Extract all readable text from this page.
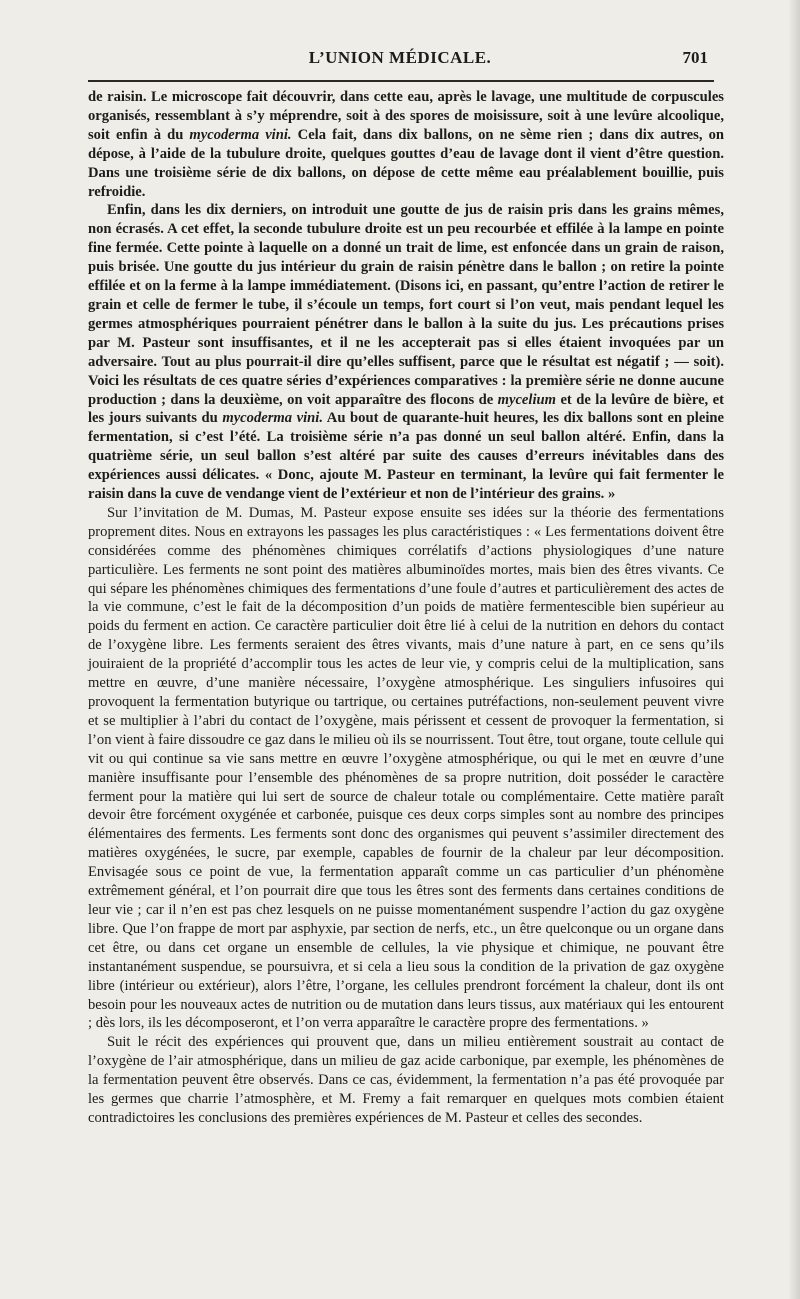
L’UNION MÉDICALE.	701

de raisin. Le microscope fait découvrir, dans cette eau, après le lavage, une multitude de corpuscules organisés, ressemblant à s’y méprendre, soit à des spores de moisissure, soit à une levûre alcoolique, soit enfin à du mycoderma vini. Cela fait, dans dix ballons, on ne sème rien ; dans dix autres, on dépose, à l’aide de la tubulure droite, quelques gouttes d’eau de lavage dont il vient d’être question. Dans une troisième série de dix ballons, on dépose de cette même eau préalablement bouillie, puis refroidie.

Enfin, dans les dix derniers, on introduit une goutte de jus de raisin pris dans les grains mêmes, non écrasés. A cet effet, la seconde tubulure droite est un peu recourbée et effilée à la lampe en pointe fine fermée. Cette pointe à laquelle on a donné un trait de lime, est enfoncée dans un grain de raison, puis brisée. Une goutte du jus intérieur du grain de raisin pénètre dans le ballon ; on retire la pointe effilée et on la ferme à la lampe immédiatement. (Disons ici, en passant, qu’entre l’action de retirer le grain et celle de fermer le tube, il s’écoule un temps, fort court si l’on veut, mais pendant lequel les germes atmosphériques pourraient pénétrer dans le ballon à la suite du jus. Les précautions prises par M. Pasteur sont insuffisantes, et il ne les accepterait pas si elles étaient invoquées par un adversaire. Tout au plus pourrait-il dire qu’elles suffisent, parce que le résultat est négatif ; — soit). Voici les résultats de ces quatre séries d’expériences comparatives : la première série ne donne aucune production ; dans la deuxième, on voit apparaître des flocons de mycelium et de la levûre de bière, et les jours suivants du mycoderma vini. Au bout de quarante-huit heures, les dix ballons sont en pleine fermentation, si c’est l’été. La troisième série n’a pas donné un seul ballon altéré. Enfin, dans la quatrième série, un seul ballon s’est altéré par suite des causes d’erreurs inévitables dans des expériences aussi délicates. « Donc, ajoute M. Pasteur en terminant, la levûre qui fait fermenter le raisin dans la cuve de vendange vient de l’extérieur et non de l’intérieur des grains. »

Sur l’invitation de M. Dumas, M. Pasteur expose ensuite ses idées sur la théorie des fermentations proprement dites. Nous en extrayons les passages les plus caractéristiques : « Les fermentations doivent être considérées comme des phénomènes chimiques corrélatifs d’actions physiologiques d’une nature particulière. Les ferments ne sont point des matières albuminoïdes mortes, mais bien des êtres vivants. Ce qui sépare les phénomènes chimiques des fermentations d’une foule d’autres et particulièrement des actes de la vie commune, c’est le fait de la décomposition d’un poids de matière fermentescible bien supérieur au poids du ferment en action. Ce caractère particulier doit être lié à celui de la nutrition en dehors du contact de l’oxygène libre. Les ferments seraient des êtres vivants, mais d’une nature à part, en ce sens qu’ils jouiraient de la propriété d’accomplir tous les actes de leur vie, y compris celui de la multiplication, sans mettre en œuvre, d’une manière nécessaire, l’oxygène atmosphérique. Les singuliers infusoires qui provoquent la fermentation butyrique ou tartrique, ou certaines putréfactions, non-seulement peuvent vivre et se multiplier à l’abri du contact de l’oxygène, mais périssent et cessent de provoquer la fermentation, si l’on vient à faire dissoudre ce gaz dans le milieu où ils se nourrissent. Tout être, tout organe, toute cellule qui vit ou qui continue sa vie sans mettre en œuvre l’oxygène atmosphérique, ou qui le met en œuvre d’une manière insuffisante pour l’ensemble des phénomènes de sa propre nutrition, doit posséder le caractère ferment pour la matière qui lui sert de source de chaleur totale ou complémentaire. Cette matière paraît devoir être forcément oxygénée et carbonée, puisque ces deux corps simples sont au nombre des principes élémentaires des ferments. Les ferments sont donc des organismes qui peuvent s’assimiler directement des matières oxygénées, le sucre, par exemple, capables de fournir de la chaleur par leur décomposition. Envisagée sous ce point de vue, la fermentation apparaît comme un cas particulier d’un phénomène extrêmement général, et l’on pourrait dire que tous les êtres sont des ferments dans certaines conditions de leur vie ; car il n’en est pas chez lesquels on ne puisse momentanément suspendre l’action du gaz oxygène libre. Que l’on frappe de mort par asphyxie, par section de nerfs, etc., un être quelconque ou un organe dans cet être, ou dans cet organe un ensemble de cellules, la vie physique et chimique, ne pouvant être instantanément suspendue, se poursuivra, et si cela a lieu sous la condition de la privation de gaz oxygène libre (intérieur ou extérieur), alors l’être, l’organe, les cellules prendront forcément la chaleur, dont ils ont besoin pour les nouveaux actes de nutrition ou de mutation dans leurs tissus, aux matériaux qui les entourent ; dès lors, ils les décomposeront, et l’on verra apparaître le caractère propre des fermentations. »

Suit le récit des expériences qui prouvent que, dans un milieu entièrement soustrait au contact de l’oxygène de l’air atmosphérique, dans un milieu de gaz acide carbonique, par exemple, les phénomènes de la fermentation peuvent être observés. Dans ce cas, évidemment, la fermentation n’a pas été provoquée par les germes que charrie l’atmosphère, et M. Fremy a fait remarquer en quelques mots combien étaient contradictoires les conclusions des premières expériences de M. Pasteur et celles des secondes.
